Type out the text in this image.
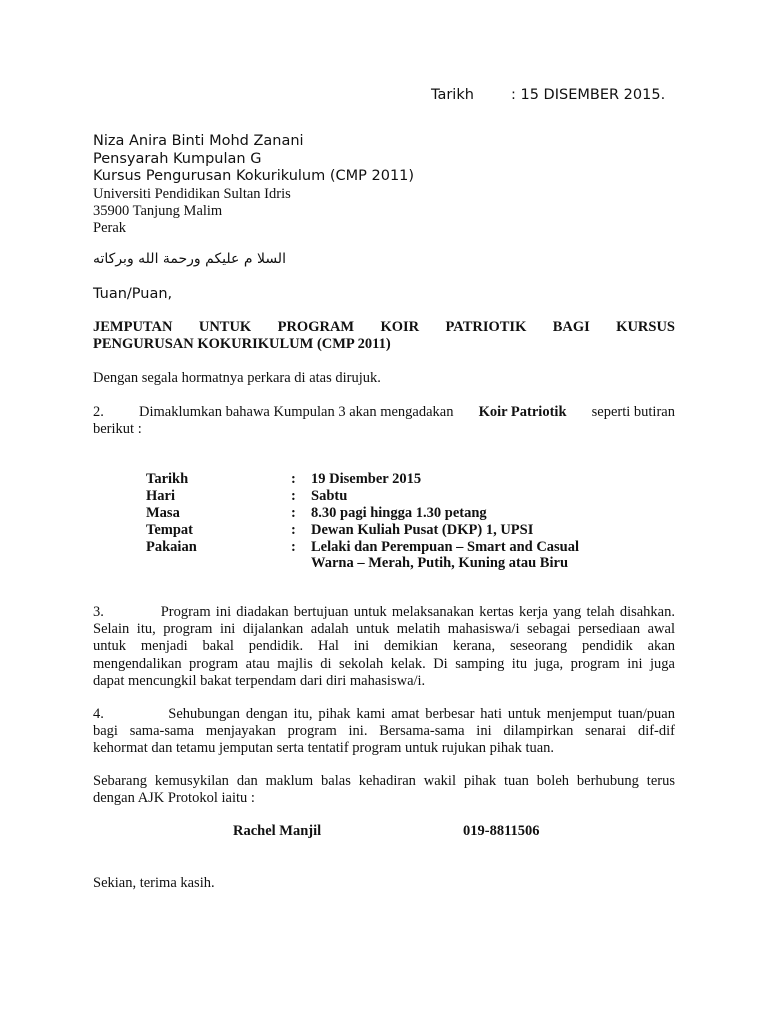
Tarikh	: 15 DISEMBER 2015.
Niza Anira Binti Mohd Zanani
Pensyarah Kumpulan G
Kursus Pengurusan Kokurikulum (CMP 2011)
Universiti Pendidikan Sultan Idris
35900 Tanjung Malim
Perak
السلا م عليكم ورحمة الله وبركاته
Tuan/Puan,
JEMPUTAN UNTUK PROGRAM KOIR PATRIOTIK BAGI KURSUS
PENGURUSAN KOKURIKULUM (CMP 2011)
Dengan segala hormatnya perkara di atas dirujuk.
2. Dimaklumkan bahawa Kumpulan 3 akan mengadakan Koir Patriotik seperti butiran
berikut :
Tarikh	: 19 Disember 2015
Hari	: Sabtu
Masa	: 8.30 pagi hingga 1.30 petang
Tempat	: Dewan Kuliah Pusat (DKP) 1, UPSI
Pakaian	: Lelaki dan Perempuan – Smart and Casual
Warna – Merah, Putih, Kuning atau Biru
3.           Program ini diadakan bertujuan untuk melaksanakan kertas kerja yang telah disahkan.
Selain itu, program ini dijalankan adalah untuk melatih mahasiswa/i sebagai persediaan awal
untuk menjadi bakal pendidik. Hal ini demikian kerana, seseorang pendidik akan
mengendalikan program atau majlis di sekolah kelak. Di samping itu juga, program ini juga
dapat mencungkil bakat terpendam dari diri mahasiswa/i.
4.           Sehubungan dengan itu, pihak kami amat berbesar hati untuk menjemput tuan/puan
bagi sama-sama menjayakan program ini. Bersama-sama ini dilampirkan senarai dif-dif
kehormat dan tetamu jemputan serta tentatif program untuk rujukan pihak tuan.
Sebarang kemusykilan dan maklum balas kehadiran wakil pihak tuan boleh berhubung terus
dengan AJK Protokol iaitu :
Rachel Manjil	019-8811506
Sekian, terima kasih.
